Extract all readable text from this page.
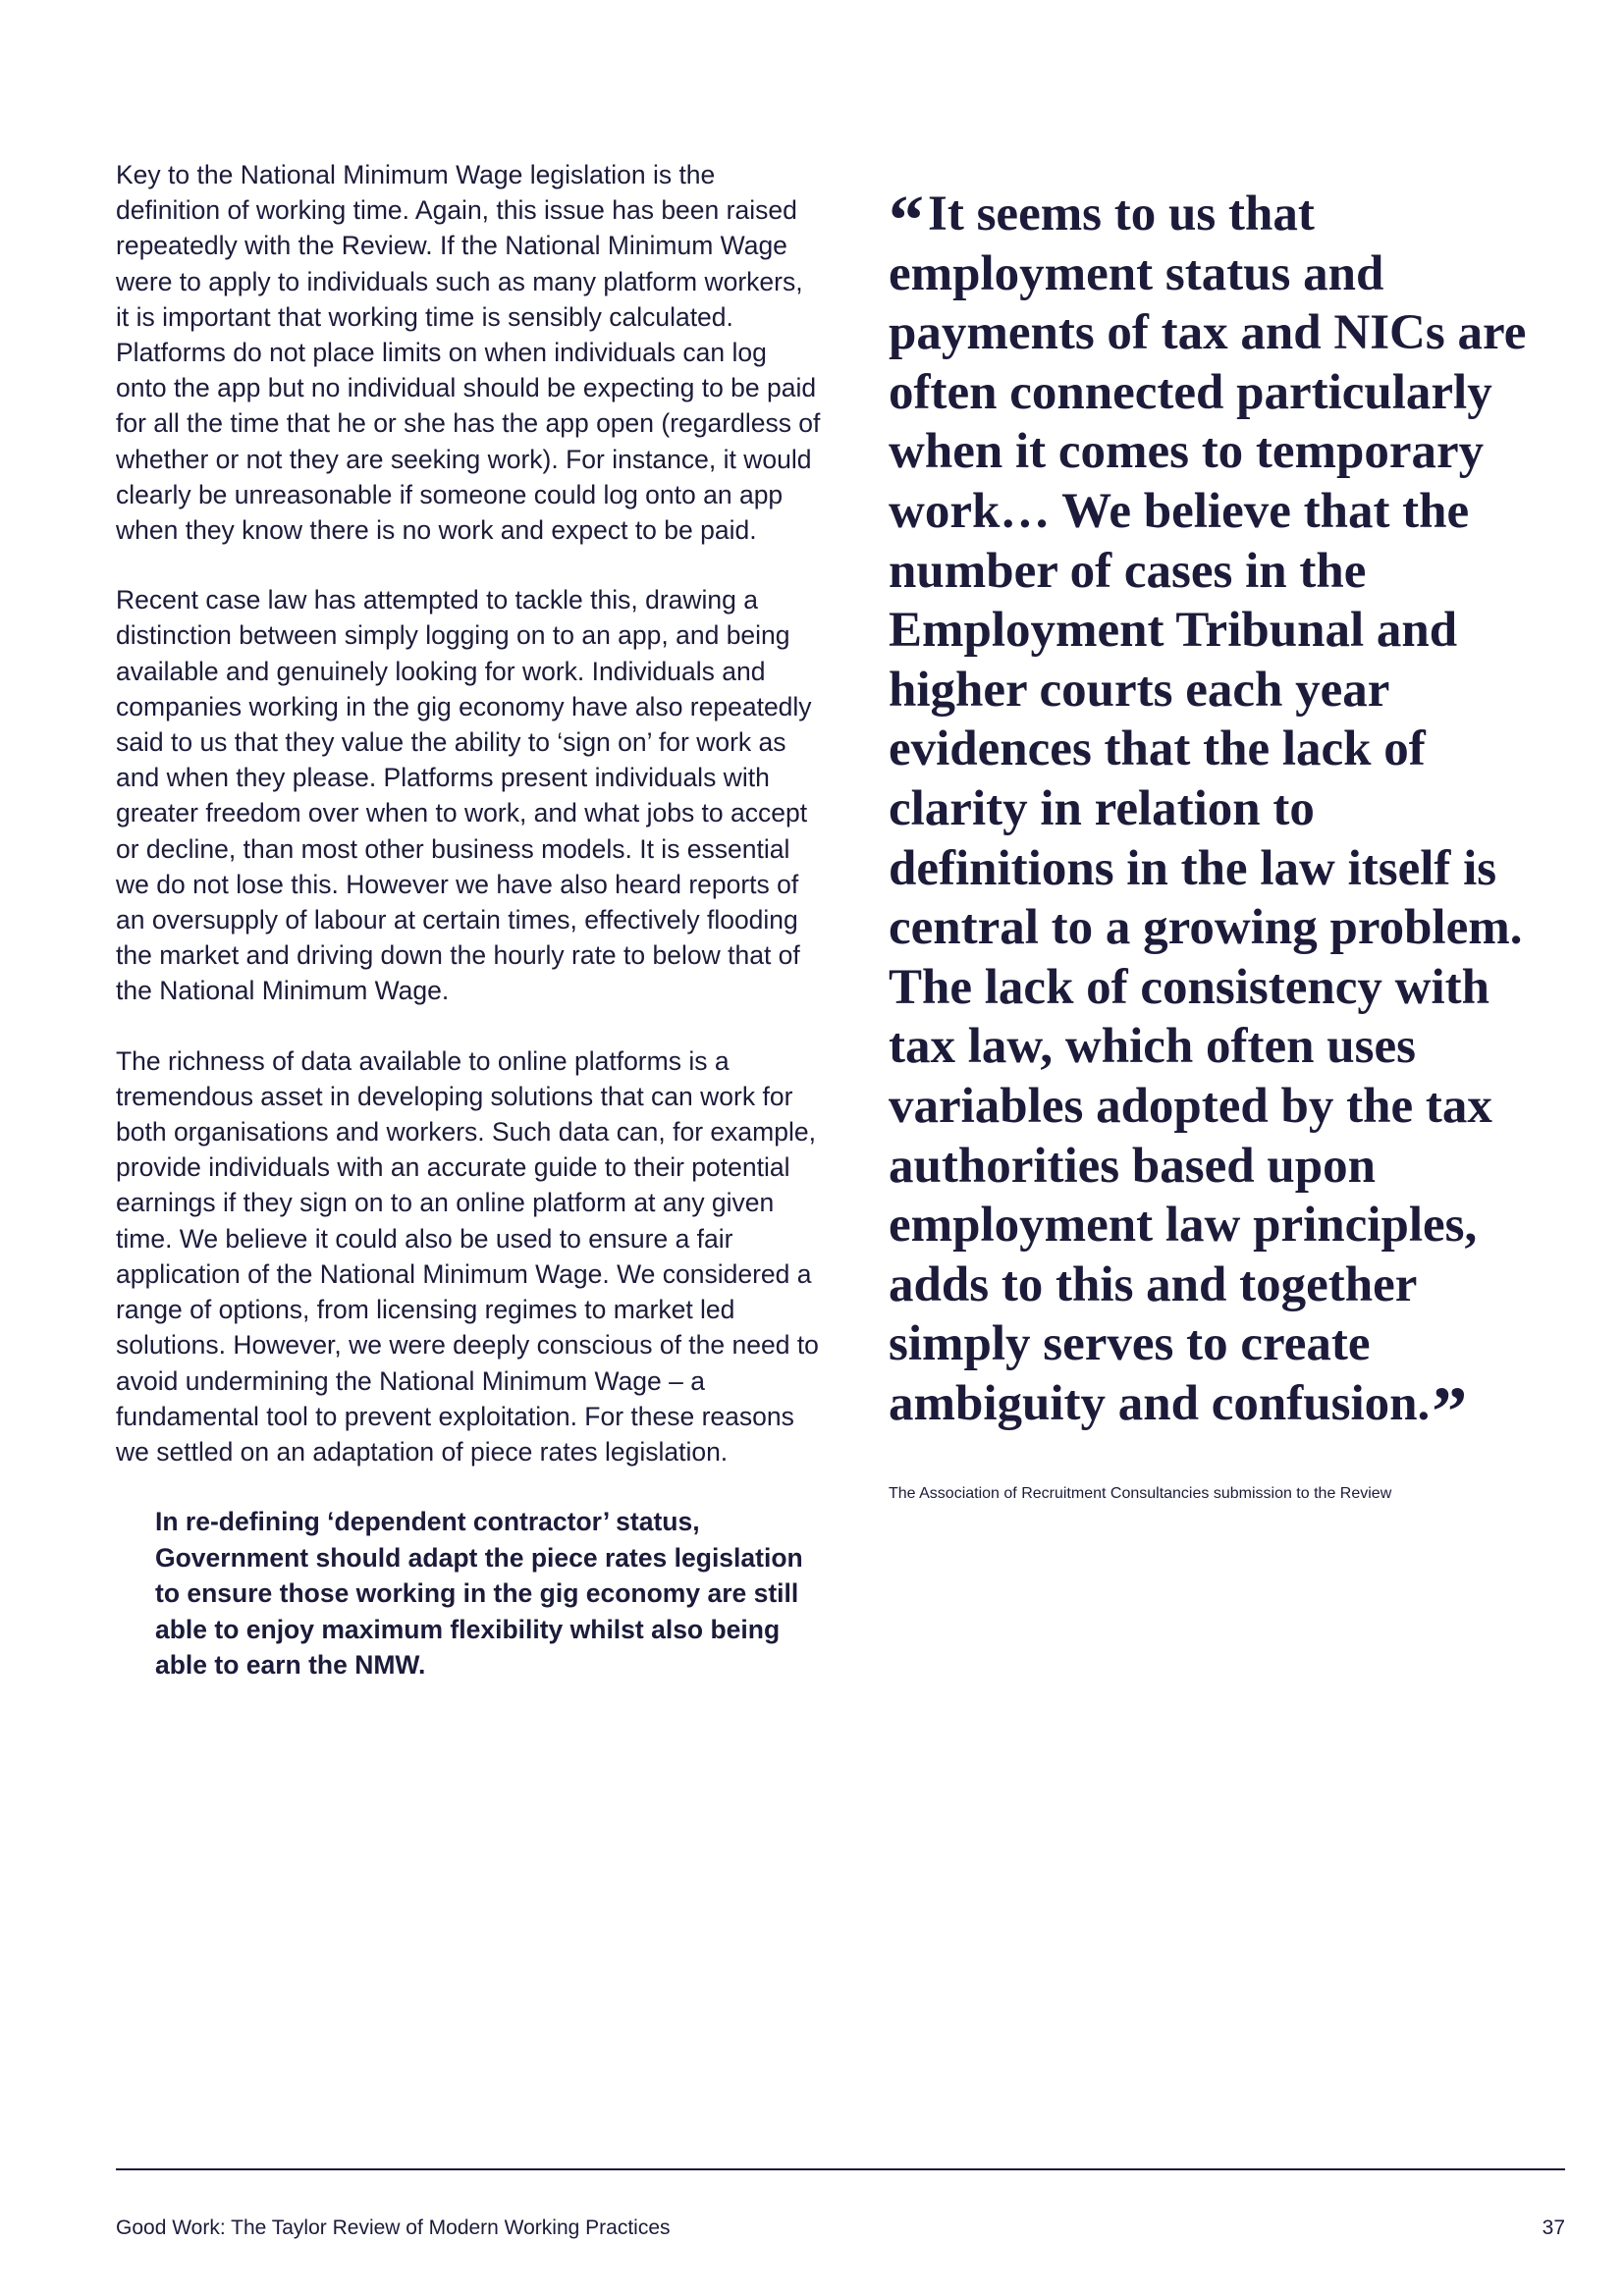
Key to the National Minimum Wage legislation is the definition of working time. Again, this issue has been raised repeatedly with the Review. If the National Minimum Wage were to apply to individuals such as many platform workers, it is important that working time is sensibly calculated. Platforms do not place limits on when individuals can log onto the app but no individual should be expecting to be paid for all the time that he or she has the app open (regardless of whether or not they are seeking work). For instance, it would clearly be unreasonable if someone could log onto an app when they know there is no work and expect to be paid.

Recent case law has attempted to tackle this, drawing a distinction between simply logging on to an app, and being available and genuinely looking for work. Individuals and companies working in the gig economy have also repeatedly said to us that they value the ability to ‘sign on’ for work as and when they please. Platforms present individuals with greater freedom over when to work, and what jobs to accept or decline, than most other business models. It is essential we do not lose this. However we have also heard reports of an oversupply of labour at certain times, effectively flooding the market and driving down the hourly rate to below that of the National Minimum Wage.

The richness of data available to online platforms is a tremendous asset in developing solutions that can work for both organisations and workers. Such data can, for example, provide individuals with an accurate guide to their potential earnings if they sign on to an online platform at any given time. We believe it could also be used to ensure a fair application of the National Minimum Wage. We considered a range of options, from licensing regimes to market led solutions. However, we were deeply conscious of the need to avoid undermining the National Minimum Wage – a fundamental tool to prevent exploitation. For these reasons we settled on an adaptation of piece rates legislation.

In re-defining ‘dependent contractor’ status, Government should adapt the piece rates legislation to ensure those working in the gig economy are still able to enjoy maximum flexibility whilst also being able to earn the NMW.

“It seems to us that employment status and payments of tax and NICs are often connected particularly when it comes to temporary work… We believe that the number of cases in the Employment Tribunal and higher courts each year evidences that the lack of clarity in relation to definitions in the law itself is central to a growing problem. The lack of consistency with tax law, which often uses variables adopted by the tax authorities based upon employment law principles, adds to this and together simply serves to create ambiguity and confusion.”

The Association of Recruitment Consultancies submission to the Review
Good Work: The Taylor Review of Modern Working Practices	37
